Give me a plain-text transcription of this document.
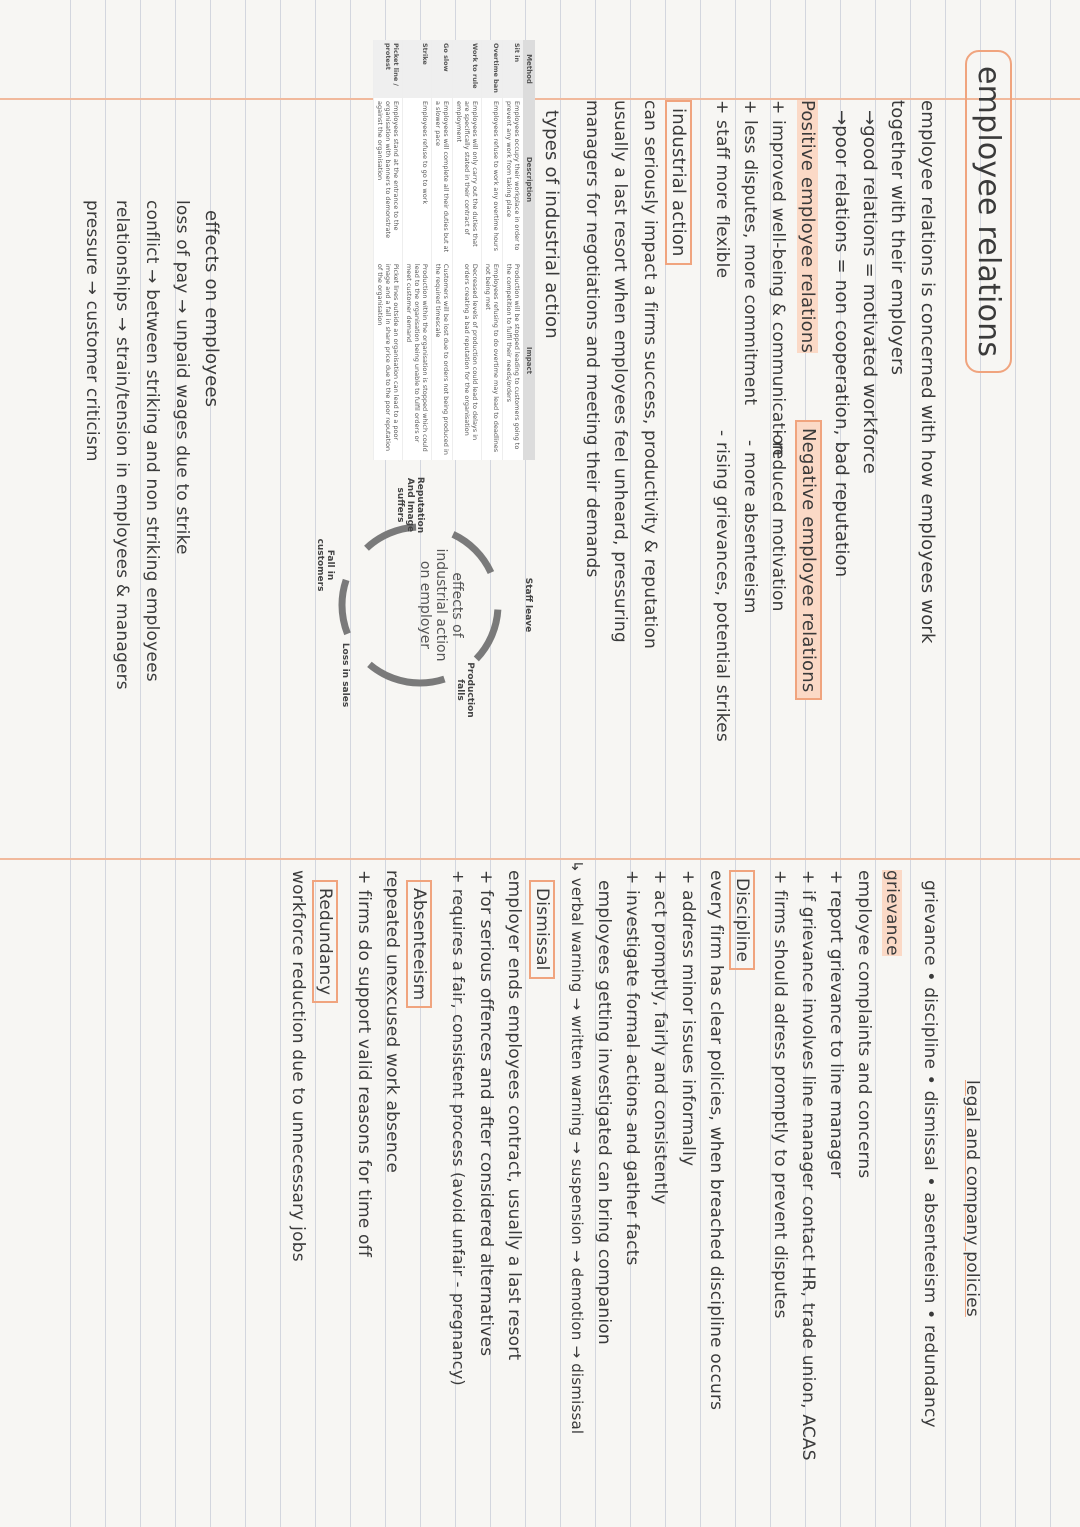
employee relations
employee relations is concerned with how employees work
together with their employers
→good relations = motivated workforce
→poor relations = non cooperation, bad reputation
Positive employee relations
Negative employee relations
+ improved well-being & communication
- reduced motivation
+ less disputes, more commitment
- more absenteeism
+ staff more flexible
- rising grievances, potential strikes
industrial action
can seriously impact a firms success, productivity & reputation
usually a last resort when employees feel unheard, pressuring
managers for negotiations and meeting their demands
types of industrial action
Method	Description	Impact
Sit in	Employees occupy their workplace in order to prevent any work from taking place	Production will be stopped leading to customers going to the competition to fulfil their needs/orders
Overtime ban	Employees refuse to work any overtime hours	Employees refusing to do overtime may lead to deadlines not being met
Work to rule	Employees will only carry out the duties that are specifically stated in their contract of employment	Decreased levels of production could lead to delays in orders creating a bad reputation for the organisation
Go slow	Employees will complete all their duties but at a slower pace	Customers will be lost due to orders not being produced in the required timescale
Strike	Employees refuse to go to work	Production within the organisation is stopped which could lead to the organisation being unable to fulfil orders or meet customer demand
Picket line / protest	Employees stand at the entrance to the organisation with banners to demonstrate against the organisation	Picket lines outside an organisation can lead to a poor image and a fall in share price due to the poor reputation of the organisation
Staff leave
Production falls
Loss in sales
Fall in customers
Reputation And Image suffers
effects of industrial action on employer
effects on employees
loss of pay → unpaid wages due to strike
conflict → between striking and non striking employees
relationships → strain/tension in employees & managers
pressure → customer criticism
legal and company policies
grievance • discipline • dismissal • absenteeism • redundancy
grievance
employee complaints and concerns
+ report grievance to line manager
+ if grievance involves line manager contact HR, trade union, ACAS
+ firms should adress promptly to prevent disputes
Discipline
every firm has clear policies, when breached discipline occurs
+ address minor issues informally
+ act promptly, fairly and consistently
+ investigate formal actions and gather facts
employees getting investigated can bring companion
↳ verbal warning → written warning → suspension → demotion → dismissal
Dismissal
employer ends employees contract, usually a last resort
+ for serious offences and after considered alternatives
+ requires a fair, consistent process (avoid unfair - pregnancy)
Absenteeism
repeated unexcused work absence
+ firms do support valid reasons for time off
Redundancy
workforce reduction due to unnecessary jobs
